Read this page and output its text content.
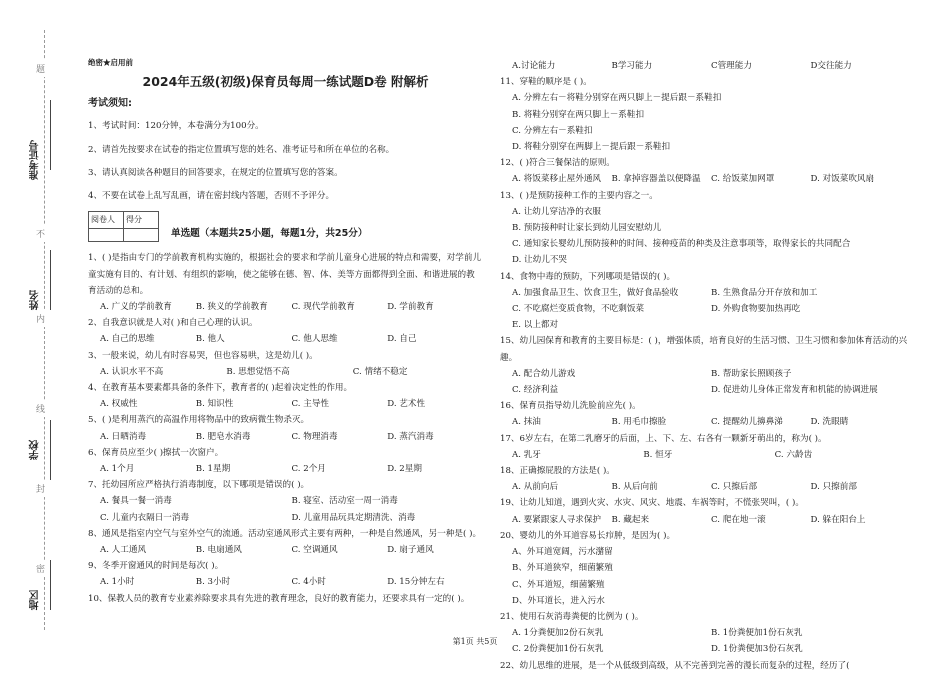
题
不
内
线
封
密
准考证号
姓名
学校
地区
绝密★启用前
2024年五级(初级)保育员每周一练试题D卷 附解析
考试须知:
1、考试时间：120分钟，本卷满分为100分。
2、请首先按要求在试卷的指定位置填写您的姓名、准考证号和所在单位的名称。
3、请认真阅读各种题目的回答要求，在规定的位置填写您的答案。
4、不要在试卷上乱写乱画，请在密封线内答题，否则不予评分。
阅卷人	得分

单选题（本题共25小题，每题1分，共25分）
1、( )是指由专门的学前教育机构实施的，根据社会的要求和学前儿童身心进展的特点和需要，对学前儿童实施有目的、有计划、有组织的影响，使之能够在德、智、体、美等方面都得到全面、和谐进展的教育活动的总和。
A. 广义的学前教育	B. 狭义的学前教育	C. 现代学前教育	D. 学前教育
2、自我意识就是人对( )和自己心理的认识。
A. 自己的思维	B. 他人	C. 他人思维	D. 自己
3、一般来说，幼儿有时容易哭，但也容易哄，这是幼儿( )。
A. 认识水平不高	B. 思想觉悟不高	C. 情绪不稳定
4、在教育基本要素都具备的条件下，教育者的( )起着决定性的作用。
A. 权威性	B. 知识性	C. 主导性	D. 艺术性
5、( )是利用蒸汽的高温作用将物品中的致病微生物杀灭。
A. 日晒消毒	B. 肥皂水消毒	C. 物理消毒	D. 蒸汽消毒
6、保育员应至少( )擦拭一次窗户。
A. 1个月	B. 1星期	C. 2个月	D. 2星期
7、托幼园所应严格执行消毒制度，以下哪项是错误的( )。
A. 餐具一餐一消毒	B. 寝室、活动室一周一消毒
C. 儿童内衣隔日一消毒	D. 儿童用品玩具定期清洗、消毒
8、通风是指室内空气与室外空气的流通。活动室通风形式主要有两种，一种是自然通风，另一种是( )。
A. 人工通风	B. 电扇通风	C. 空调通风	D. 扇子通风
9、冬季开窗通风的时间是每次( )。
A. 1小时	B. 3小时	C. 4小时	D. 15分钟左右
10、保教人员的教育专业素养除要求具有先进的教育理念，良好的教育能力，还要求具有一定的( )。
A.讨论能力	B学习能力	C管理能力	D交往能力
11、穿鞋的顺序是 ( )。
A. 分辨左右－将鞋分别穿在两只脚上－提后跟－系鞋扣
B. 将鞋分别穿在两只脚上－系鞋扣
C. 分辨左右－系鞋扣
D. 将鞋分别穿在两脚上－提后跟－系鞋扣
12、( )符合三餐保洁的原则。
A. 将饭菜移止屋外通风	B. 拿掉容器盖以便降温	C. 给饭菜加网罩	D. 对饭菜吹风扇
13、( )是预防接种工作的主要内容之一。
A. 让幼儿穿洁净的衣服
B. 预防接种时让家长到幼儿园安慰幼儿
C. 通知家长婴幼儿预防接种的时间、接种疫苗的种类及注意事项等，取得家长的共同配合
D. 让幼儿不哭
14、食物中毒的预防，下列哪项是错误的( )。
A. 加强食品卫生、饮食卫生，做好食品验收	B. 生熟食品分开存放和加工
C. 不吃腐烂变质食物，不吃剩饭菜	D. 外购食物要加热再吃
E. 以上都对
15、幼儿园保育和教育的主要目标是：( )，增强体质，培育良好的生活习惯、卫生习惯和参加体育活动的兴趣。
A. 配合幼儿游戏	B. 帮助家长照顾孩子
C. 经济利益	D. 促进幼儿身体正常发育和机能的协调进展
16、保育员指导幼儿洗脸前应先( )。
A. 抹油	B. 用毛巾擦脸	C. 提醒幼儿擤鼻涕	D. 洗眼睛
17、6岁左右，在第二乳磨牙的后面，上、下、左、右各有一颗新牙萌出的，称为( )。
A. 乳牙	B. 恒牙	C. 六龄齿
18、正确擦屁股的方法是( )。
A. 从前向后	B. 从后向前	C. 只擦后部	D. 只擦前部
19、让幼儿知道，遇到火灾、水灾、风灾、地震、车祸等时，不慌张哭叫，( )。
A. 要紧跟家人寻求保护	B. 藏起来	C. 爬在地一滚	D. 躲在阳台上
20、婴幼儿的外耳道容易长疖肿，是因为( )。
A、外耳道宽阔，污水潴留
B、外耳道狭窄，细菌繁殖
C、外耳道短，细菌繁殖
D、外耳道长，进入污水
21、使用石灰消毒粪便的比例为 ( )。
A. 1分粪便加2份石灰乳	B. 1份粪便加1份石灰乳
C. 2份粪便加1份石灰乳	D. 1份粪便加3份石灰乳
22、幼儿思维的进展，是一个从低级到高级，从不完善到完善的漫长而复杂的过程，经历了(
第1页 共5页
